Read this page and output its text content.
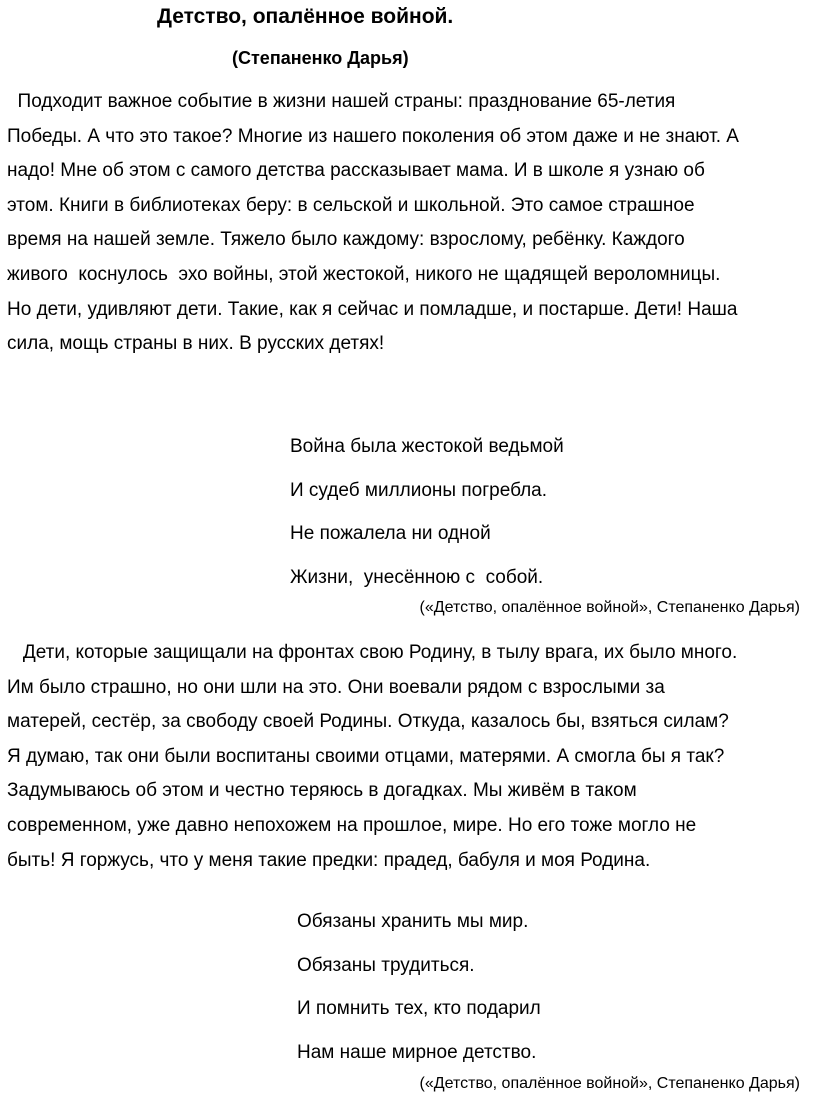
Детство, опалённое войной.
(Степаненко Дарья)
Подходит важное событие в жизни нашей страны: празднование 65-летия
Победы. А что это такое? Многие из нашего поколения об этом даже и не знают. А
надо! Мне об этом с самого детства рассказывает мама. И в школе я узнаю об
этом. Книги в библиотеках беру: в сельской и школьной. Это самое страшное
время на нашей земле. Тяжело было каждому: взрослому, ребёнку. Каждого
живого  коснулось  эхо войны, этой жестокой, никого не щадящей вероломницы.
Но дети, удивляют дети. Такие, как я сейчас и помладше, и постарше. Дети! Наша
сила, мощь страны в них. В русских детях!
Война была жестокой ведьмой
И судеб миллионы погребла.
Не пожалела ни одной
Жизни,  унесённою с  собой.
(«Детство, опалённое войной», Степаненко Дарья)
Дети, которые защищали на фронтах свою Родину, в тылу врага, их было много.
Им было страшно, но они шли на это. Они воевали рядом с взрослыми за
матерей, сестёр, за свободу своей Родины. Откуда, казалось бы, взяться силам?
Я думаю, так они были воспитаны своими отцами, матерями. А смогла бы я так?
Задумываюсь об этом и честно теряюсь в догадках. Мы живём в таком
современном, уже давно непохожем на прошлое, мире. Но его тоже могло не
быть! Я горжусь, что у меня такие предки: прадед, бабуля и моя Родина.
Обязаны хранить мы мир.
Обязаны трудиться.
И помнить тех, кто подарил
Нам наше мирное детство.
(«Детство, опалённое войной», Степаненко Дарья)
